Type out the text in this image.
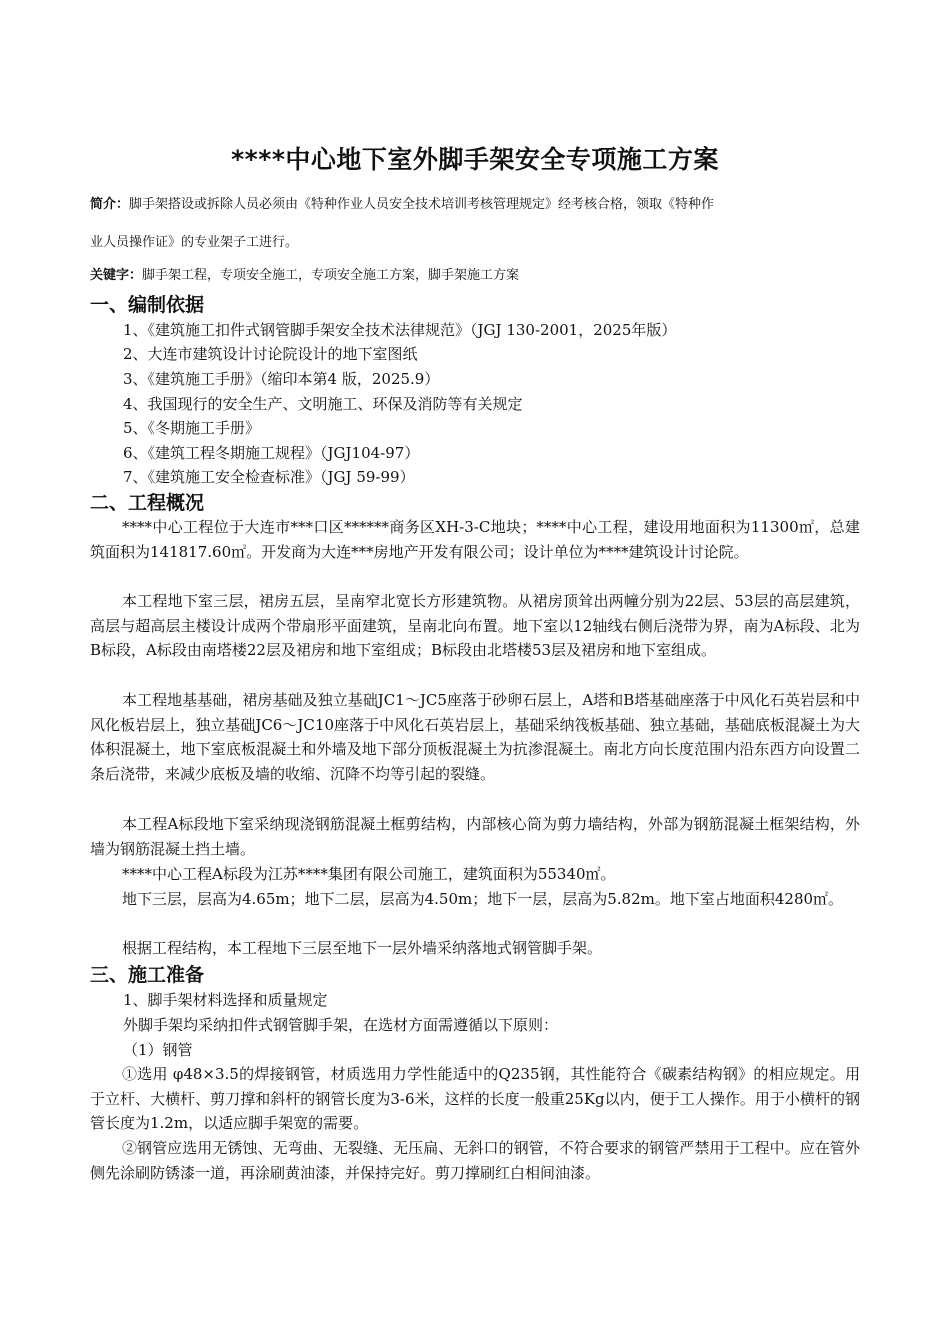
****中心地下室外脚手架安全专项施工方案
简介：脚手架搭设或拆除人员必须由《特种作业人员安全技术培训考核管理规定》经考核合格，领取《特种作
业人员操作证》的专业架子工进行。
关键字：脚手架工程，专项安全施工，专项安全施工方案，脚手架施工方案
一、编制依据
1、《建筑施工扣件式钢管脚手架安全技术法律规范》（JGJ 130-2001，2025年版）
2、大连市建筑设计讨论院设计的地下室图纸
3、《建筑施工手册》（缩印本第4 版，2025.9）
4、我国现行的安全生产、文明施工、环保及消防等有关规定
5、《冬期施工手册》
6、《建筑工程冬期施工规程》（JGJ104-97）
7、《建筑施工安全检查标准》（JGJ 59-99）
二、工程概况
****中心工程位于大连市***口区******商务区XH-3-C地块；****中心工程，建设用地面积为11300㎡，总建筑面积为141817.60㎡。开发商为大连***房地产开发有限公司；设计单位为****建筑设计讨论院。
本工程地下室三层，裙房五层，呈南窄北宽长方形建筑物。从裙房顶耸出两幢分别为22层、53层的高层建筑，高层与超高层主楼设计成两个带扇形平面建筑，呈南北向布置。地下室以12轴线右侧后浇带为界，南为A标段、北为B标段，A标段由南塔楼22层及裙房和地下室组成；B标段由北塔楼53层及裙房和地下室组成。
本工程地基基础，裙房基础及独立基础JC1～JC5座落于砂卵石层上，A塔和B塔基础座落于中风化石英岩层和中风化板岩层上，独立基础JC6～JC10座落于中风化石英岩层上，基础采纳筏板基础、独立基础，基础底板混凝土为大体积混凝土，地下室底板混凝土和外墙及地下部分顶板混凝土为抗渗混凝土。南北方向长度范围内沿东西方向设置二条后浇带，来减少底板及墙的收缩、沉降不均等引起的裂缝。
本工程A标段地下室采纳现浇钢筋混凝土框剪结构，内部核心筒为剪力墙结构，外部为钢筋混凝土框架结构，外墙为钢筋混凝土挡土墙。
****中心工程A标段为江苏****集团有限公司施工，建筑面积为55340㎡。
地下三层，层高为4.65m；地下二层，层高为4.50m；地下一层，层高为5.82m。地下室占地面积4280㎡。
根据工程结构，本工程地下三层至地下一层外墙采纳落地式钢管脚手架。
三、施工准备
1、脚手架材料选择和质量规定
外脚手架均采纳扣件式钢管脚手架，在选材方面需遵循以下原则：
（1）钢管
①选用 φ48×3.5的焊接钢管，材质选用力学性能适中的Q235钢，其性能符合《碳素结构钢》的相应规定。用于立杆、大横杆、剪刀撑和斜杆的钢管长度为3-6米，这样的长度一般重25Kg以内，便于工人操作。用于小横杆的钢管长度为1.2m，以适应脚手架宽的需要。
②钢管应选用无锈蚀、无弯曲、无裂缝、无压扁、无斜口的钢管，不符合要求的钢管严禁用于工程中。应在管外侧先涂刷防锈漆一道，再涂刷黄油漆，并保持完好。剪刀撑刷红白相间油漆。
